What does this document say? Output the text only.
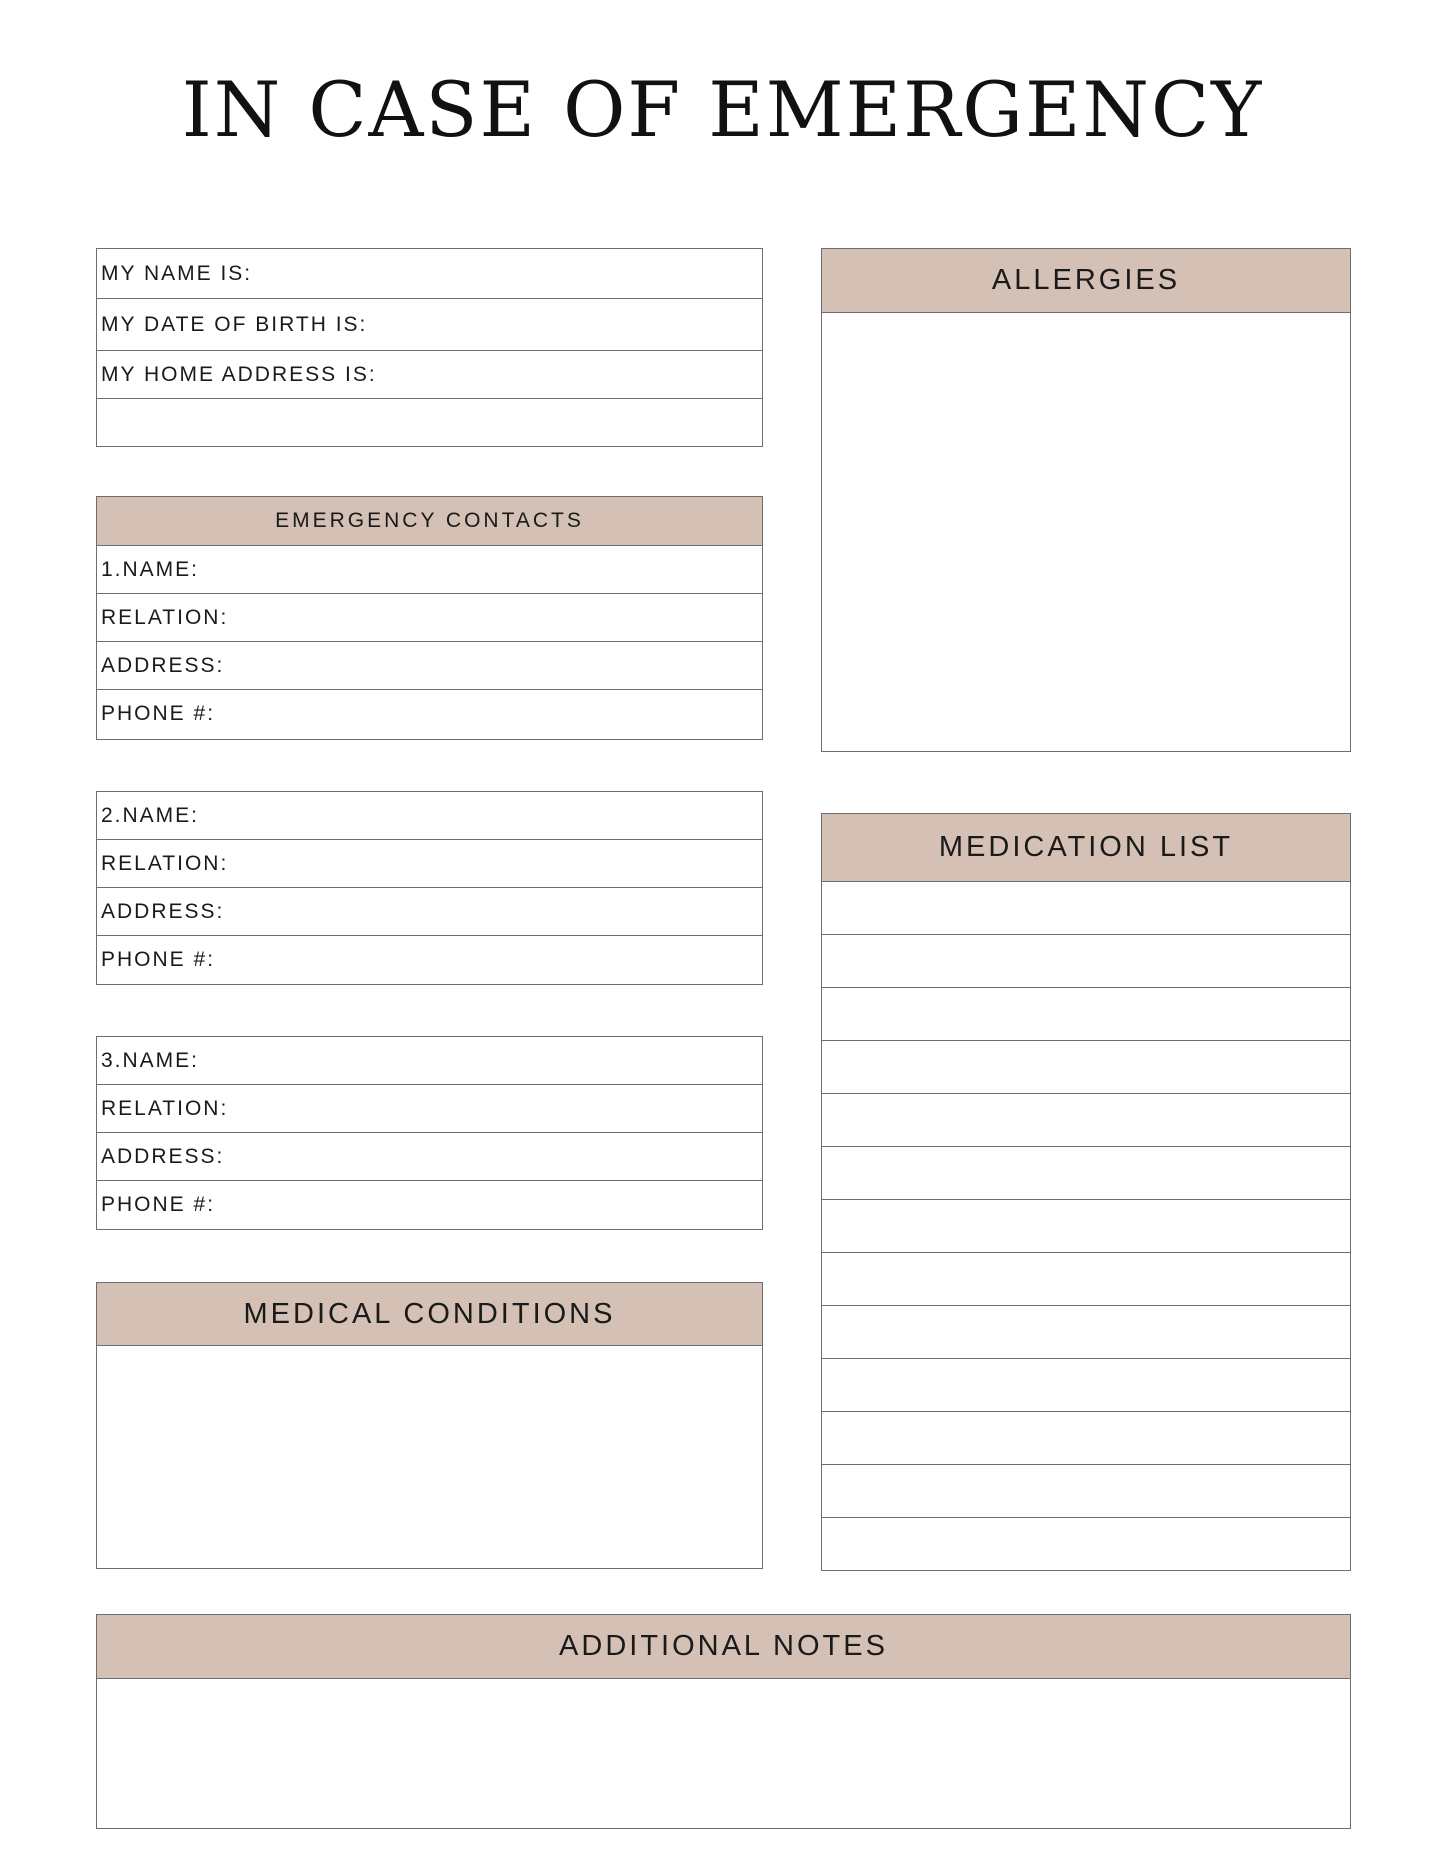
IN CASE OF EMERGENCY
MY NAME IS:
MY DATE OF BIRTH IS:
MY HOME ADDRESS IS:
EMERGENCY CONTACTS
1.NAME:
RELATION:
ADDRESS:
PHONE #:
2.NAME:
RELATION:
ADDRESS:
PHONE #:
3.NAME:
RELATION:
ADDRESS:
PHONE #:
MEDICAL CONDITIONS
ALLERGIES
MEDICATION LIST
ADDITIONAL NOTES
